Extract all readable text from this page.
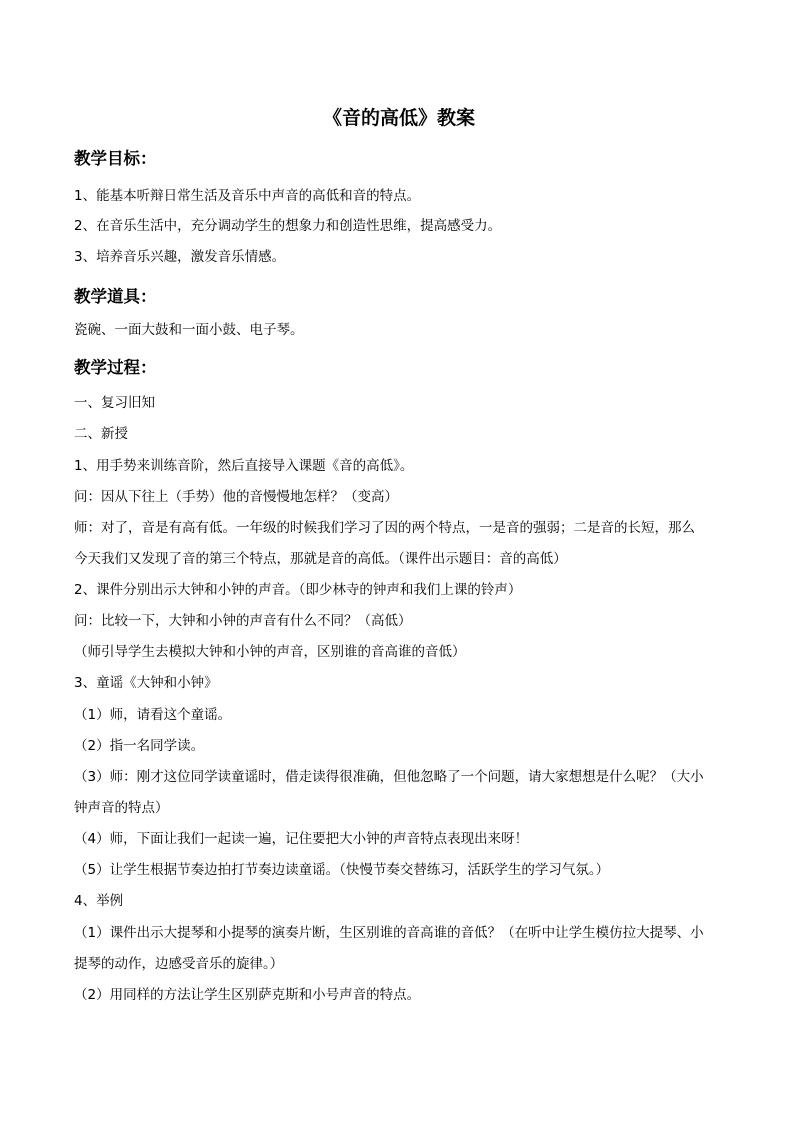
《音的高低》教案
教学目标：
1、能基本听辩日常生活及音乐中声音的高低和音的特点。
2、在音乐生活中，充分调动学生的想象力和创造性思维，提高感受力。
3、培养音乐兴趣，激发音乐情感。
教学道具：
瓷碗、一面大鼓和一面小鼓、电子琴。
教学过程：
一、复习旧知
二、新授
1、用手势来训练音阶，然后直接导入课题《音的高低》。
问：因从下往上（手势）他的音慢慢地怎样？（变高）
师：对了，音是有高有低。一年级的时候我们学习了因的两个特点，一是音的强弱；二是音的长短，那么
今天我们又发现了音的第三个特点，那就是音的高低。（课件出示题目：音的高低）
2、课件分别出示大钟和小钟的声音。（即少林寺的钟声和我们上课的铃声）
问：比较一下，大钟和小钟的声音有什么不同？（高低）
（师引导学生去模拟大钟和小钟的声音，区别谁的音高谁的音低）
3、童谣《大钟和小钟》
（1）师，请看这个童谣。
（2）指一名同学读。
（3）师：刚才这位同学读童谣时，借走读得很准确，但他忽略了一个问题，请大家想想是什么呢？（大小
钟声音的特点）
（4）师，下面让我们一起读一遍，记住要把大小钟的声音特点表现出来呀！
（5）让学生根据节奏边拍打节奏边读童谣。（快慢节奏交替练习，活跃学生的学习气氛。）
4、举例
（1）课件出示大提琴和小提琴的演奏片断，生区别谁的音高谁的音低？（在听中让学生模仿拉大提琴、小
提琴的动作，边感受音乐的旋律。）
（2）用同样的方法让学生区别萨克斯和小号声音的特点。
